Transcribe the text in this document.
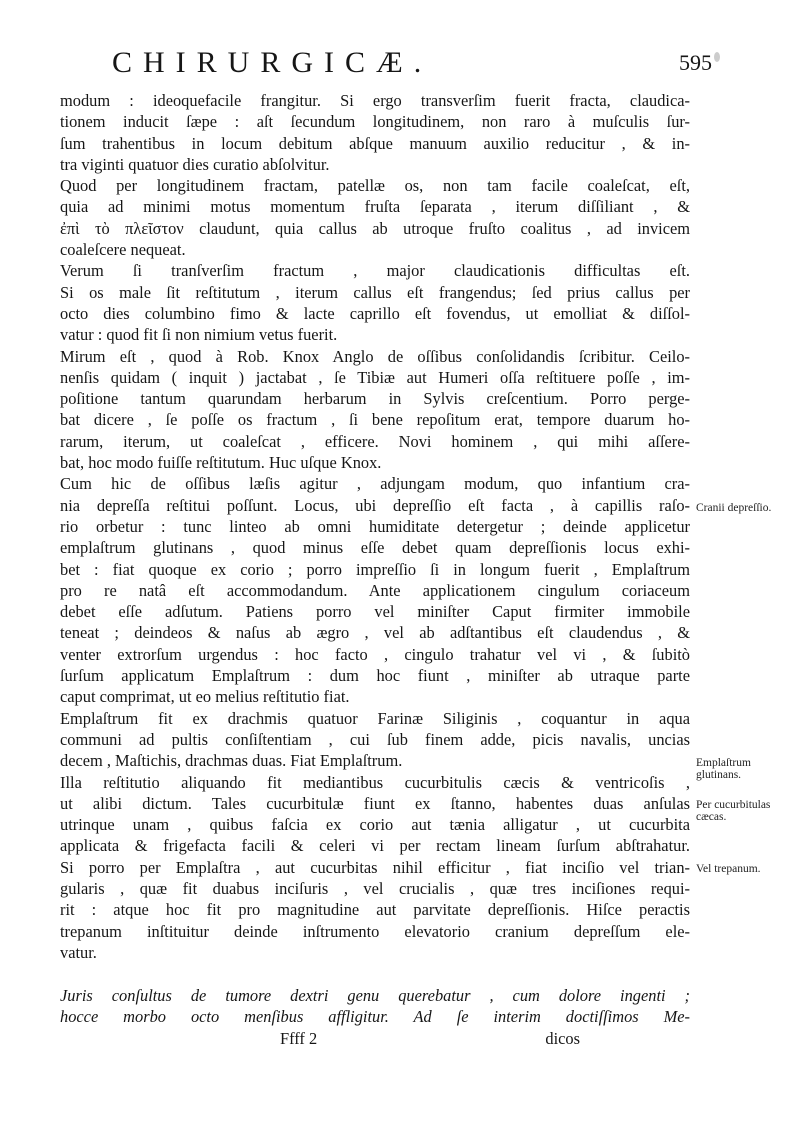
CHIRURGICÆ.	595
modum : ideoquefacile frangitur. Si ergo transverſim fuerit fracta, claudica-
tionem inducit ſæpe : aſt ſecundum longitudinem, non raro à muſculis ſur-
ſum trahentibus in locum debitum abſque manuum auxilio reducitur , & in-
tra viginti quatuor dies curatio abſolvitur.
Quod per longitudinem fractam, patellæ os, non tam facile coaleſcat, eſt,
quia ad minimi motus momentum fruſta ſeparata , iterum diſſiliant , &
ἐπὶ τὸ πλεῖστον claudunt, quia callus ab utroque fruſto coalitus , ad invicem
coaleſcere nequeat.
Verum ſi tranſverſim fractum , major claudicationis difficultas eſt.
Si os male ſit reſtitutum , iterum callus eſt frangendus; ſed prius callus per
octo dies columbino fimo & lacte caprillo eſt fovendus, ut emolliat & diſſol-
vatur : quod fit ſi non nimium vetus fuerit.
Mirum eſt , quod à Rob. Knox Anglo de oſſibus conſolidandis ſcribitur. Ceilo-
nenſis quidam ( inquit ) jactabat , ſe Tibiæ aut Humeri oſſa reſtituere poſſe , im-
poſitione tantum quarundam herbarum in Sylvis creſcentium. Porro perge-
bat dicere , ſe poſſe os fractum , ſi bene repoſitum erat, tempore duarum ho-
rarum, iterum, ut coaleſcat , efficere. Novi hominem , qui mihi aſſere-
bat, hoc modo fuiſſe reſtitutum. Huc uſque Knox.
Cum hic de oſſibus læſis agitur , adjungam modum, quo infantium cra-
nia depreſſa reſtitui poſſunt. Locus, ubi depreſſio eſt facta , à capillis raſo-
rio orbetur : tunc linteo ab omni humiditate detergetur ; deinde applicetur
emplaſtrum glutinans , quod minus eſſe debet quam depreſſionis locus exhi-
bet : fiat quoque ex corio ; porro impreſſio ſi in longum fuerit , Emplaſtrum
pro re natâ eſt accommodandum. Ante applicationem cingulum coriaceum
debet eſſe adſutum. Patiens porro vel miniſter Caput firmiter immobile
teneat ; deindeos & naſus ab ægro , vel ab adſtantibus eſt claudendus , &
venter extrorſum urgendus : hoc facto , cingulo trahatur vel vi , & ſubitò
ſurſum applicatum Emplaſtrum : dum hoc fiunt , miniſter ab utraque parte
caput comprimat, ut eo melius reſtitutio fiat.
Emplaſtrum fit ex drachmis quatuor Farinæ Siliginis , coquantur in aqua
communi ad pultis conſiſtentiam , cui ſub finem adde, picis navalis, uncias
decem , Maſtichis, drachmas duas. Fiat Emplaſtrum.
Illa reſtitutio aliquando fit mediantibus cucurbitulis cæcis & ventricoſis ,
ut alibi dictum. Tales cucurbitulæ fiunt ex ſtanno, habentes duas anſulas
utrinque unam , quibus faſcia ex corio aut tænia alligatur , ut cucurbita
applicata & frigefacta facili & celeri vi per rectam lineam ſurſum abſtrahatur.
Si porro per Emplaſtra , aut cucurbitas nihil efficitur , fiat inciſio vel trian-
gularis , quæ fit duabus inciſuris , vel crucialis , quæ tres inciſiones requi-
rit : atque hoc fit pro magnitudine aut parvitate depreſſionis. Hiſce peractis
trepanum inſtituitur deinde inſtrumento elevatorio cranium depreſſum ele-
vatur.
Juris conſultus de tumore dextri genu querebatur , cum dolore ingenti ;
hocce morbo octo menſibus affligitur. Ad ſe interim doctiſſimos Me-
Ffff 2	dicos
Cranii depreſſio.
Emplaſtrum glutinans.
Per cucurbitulas cæcas.
Vel trepanum.
